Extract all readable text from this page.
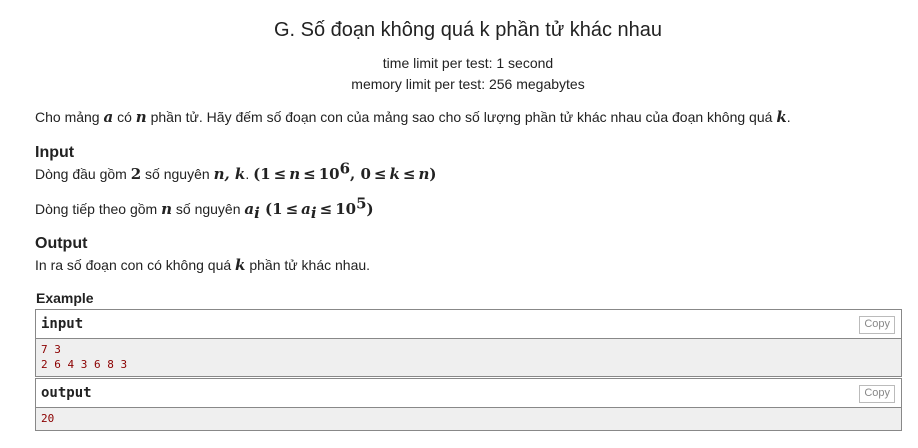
G. Số đoạn không quá k phần tử khác nhau
time limit per test: 1 second
memory limit per test: 256 megabytes
Cho mảng a có n phần tử. Hãy đếm số đoạn con của mảng sao cho số lượng phần tử khác nhau của đoạn không quá k.
Input
Dòng đầu gồm 2 số nguyên n, k. ($1 \le n \le 10^6$, 0 ≤ k ≤ n)
Dòng tiếp theo gồm n số nguyên $a_i$ $(1 \le a_i \le 10^5)$
Output
In ra số đoạn con có không quá k phần tử khác nhau.
Example
input	Copy
7 3
2 6 4 3 6 8 3
output	Copy
20
